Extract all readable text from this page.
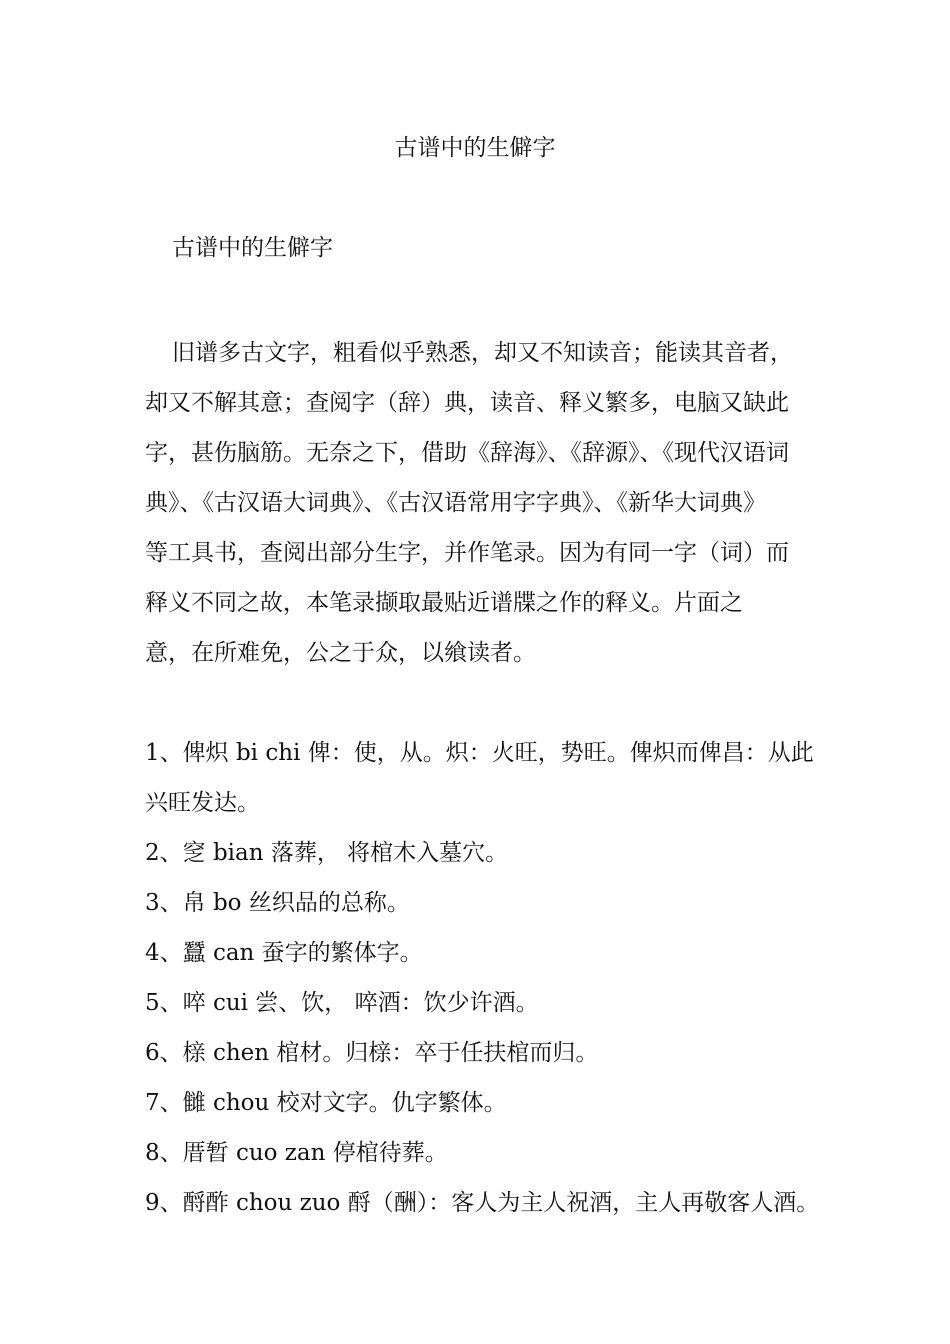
古谱中的生僻字
古谱中的生僻字
旧谱多古文字，粗看似乎熟悉，却又不知读音；能读其音者，
却又不解其意；查阅字（辞）典，读音、释义繁多，电脑又缺此
字，甚伤脑筋。无奈之下，借助《辞海》、《辞源》、《现代汉语词
典》、《古汉语大词典》、《古汉语常用字字典》、《新华大词典》
等工具书，查阅出部分生字，并作笔录。因为有同一字（词）而
释义不同之故，本笔录撷取最贴近谱牒之作的释义。片面之
意，在所难免，公之于众，以飨读者。
1、俾炽 bi chi 俾：使，从。炽：火旺，势旺。俾炽而俾昌：从此
兴旺发达。
2、窆 bian 落葬， 将棺木入墓穴。
3、帛 bo 丝织品的总称。
4、蠶 can 蚕字的繁体字。
5、啐 cui 尝、饮， 啐酒：饮少许酒。
6、榇 chen 棺材。归榇：卒于任扶棺而归。
7、雠 chou 校对文字。仇字繁体。
8、厝暂 cuo zan 停棺待葬。
9、酹酢 chou zuo 酹（酬）：客人为主人祝酒，主人再敬客人酒。
